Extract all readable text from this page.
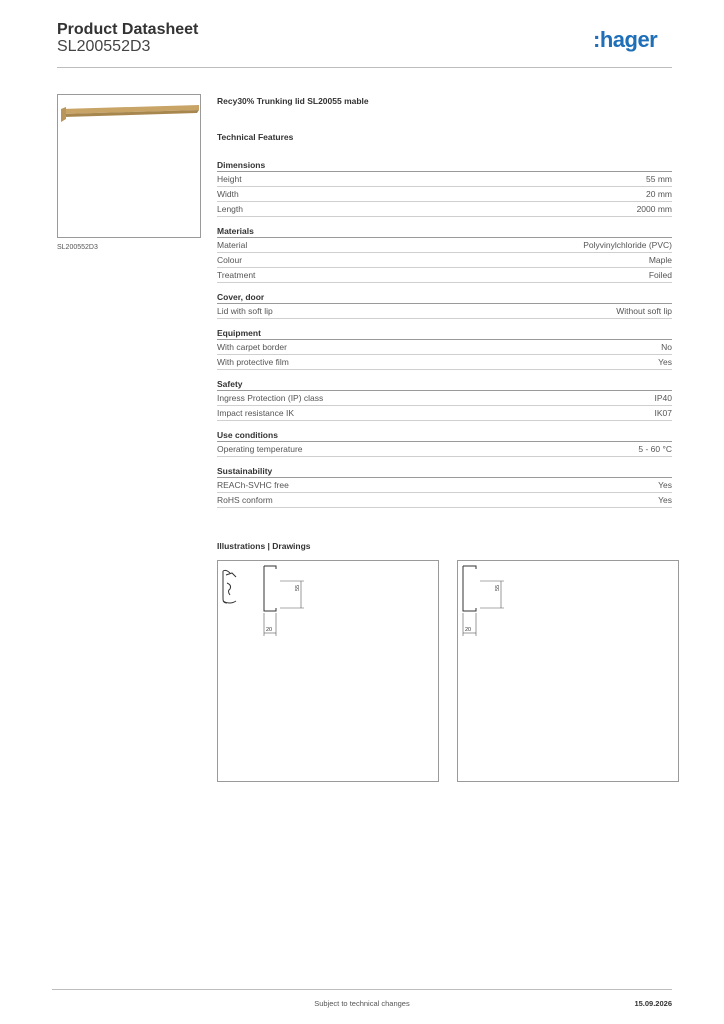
Product Datasheet
SL200552D3	:hager
SL200552D3
Recy30% Trunking lid SL20055 mable
Technical Features
Dimensions
Height	55 mm
Width	20 mm
Length	2000 mm
Materials
Material	Polyvinylchloride (PVC)
Colour	Maple
Treatment	Foiled
Cover, door
Lid with soft lip	Without soft lip
Equipment
With carpet border	No
With protective film	Yes
Safety
Ingress Protection (IP) class	IP40
Impact resistance IK	IK07
Use conditions
Operating temperature	5 - 60 °C
Sustainability
REACh-SVHC free	Yes
RoHS conform	Yes
Illustrations | Drawings
55
20
55
20
Subject to technical changes	15.09.2026
